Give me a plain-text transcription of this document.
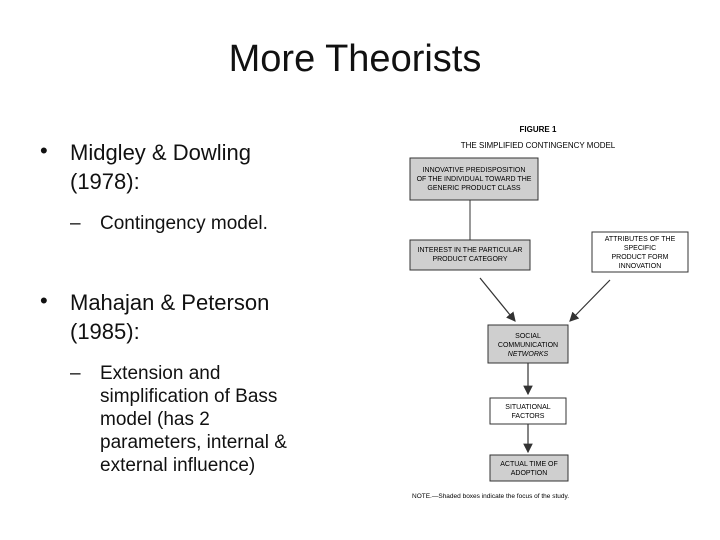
More Theorists
• Midgley & Dowling
(1978):
– Contingency model.
• Mahajan & Peterson
(1985):
– Extension and
simplification of Bass
model (has 2
parameters, internal &
external influence)
FIGURE 1
THE SIMPLIFIED CONTINGENCY MODEL
INNOVATIVE PREDISPOSITION
OF THE INDIVIDUAL TOWARD THE
GENERIC PRODUCT CLASS
INTEREST IN THE PARTICULAR
PRODUCT CATEGORY
ATTRIBUTES OF THE
SPECIFIC
PRODUCT FORM
INNOVATION
SOCIAL
COMMUNICATION
NETWORKS
SITUATIONAL
FACTORS
ACTUAL TIME OF
ADOPTION
NOTE.—Shaded boxes indicate the focus of the study.
